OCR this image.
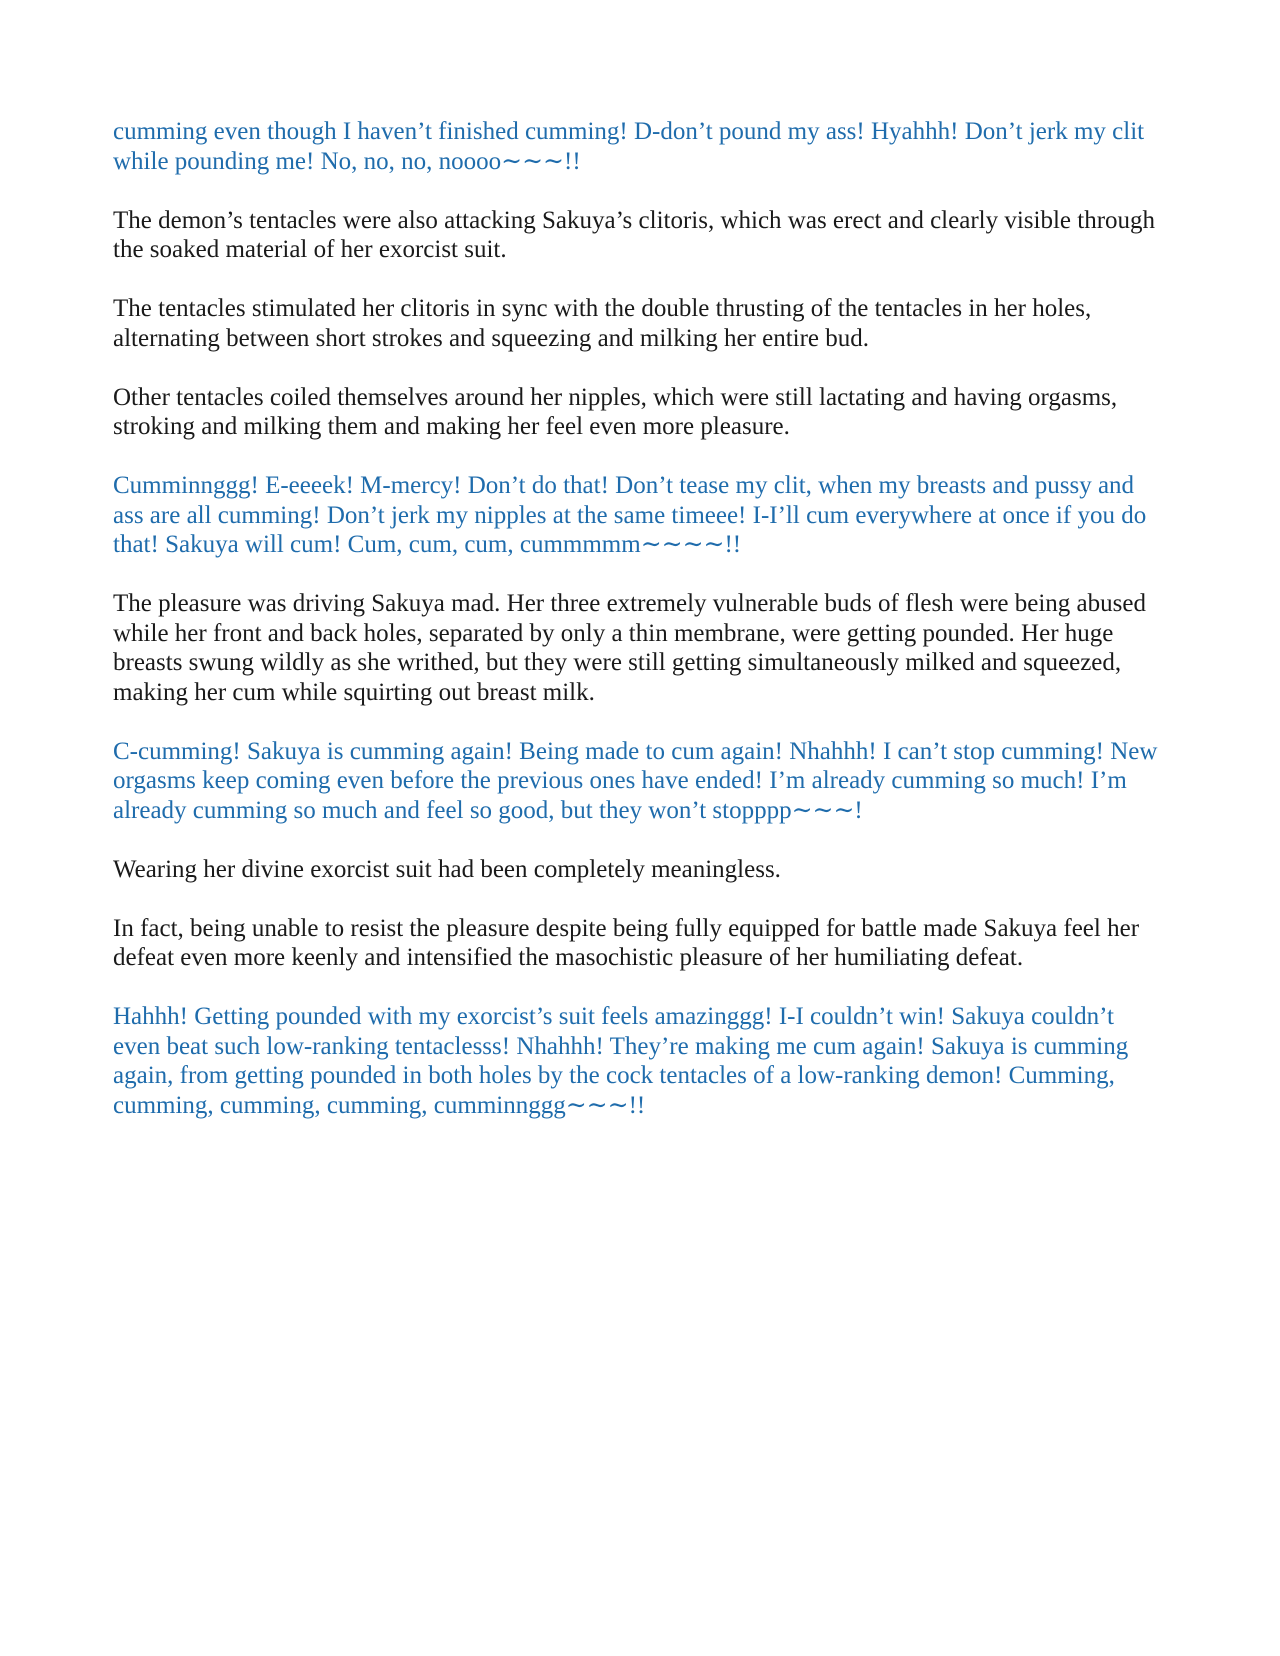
cumming even though I haven’t finished cumming! D-don’t pound my ass! Hyahhh! Don’t jerk my clit while pounding me! No, no, no, noooo∼∼∼!!

The demon’s tentacles were also attacking Sakuya’s clitoris, which was erect and clearly visible through the soaked material of her exorcist suit.

The tentacles stimulated her clitoris in sync with the double thrusting of the tentacles in her holes, alternating between short strokes and squeezing and milking her entire bud.

Other tentacles coiled themselves around her nipples, which were still lactating and having orgasms, stroking and milking them and making her feel even more pleasure.

Cumminnggg! E-eeeek! M-mercy! Don’t do that! Don’t tease my clit, when my breasts and pussy and ass are all cumming! Don’t jerk my nipples at the same timeee! I-I’ll cum everywhere at once if you do that! Sakuya will cum! Cum, cum, cum, cummmmm∼∼∼∼!!

The pleasure was driving Sakuya mad. Her three extremely vulnerable buds of flesh were being abused while her front and back holes, separated by only a thin membrane, were getting pounded. Her huge breasts swung wildly as she writhed, but they were still getting simultaneously milked and squeezed, making her cum while squirting out breast milk.

C-cumming! Sakuya is cumming again! Being made to cum again! Nhahhh! I can’t stop cumming! New orgasms keep coming even before the previous ones have ended! I’m already cumming so much! I’m already cumming so much and feel so good, but they won’t stopppp∼∼∼!

Wearing her divine exorcist suit had been completely meaningless.

In fact, being unable to resist the pleasure despite being fully equipped for battle made Sakuya feel her defeat even more keenly and intensified the masochistic pleasure of her humiliating defeat.

Hahhh! Getting pounded with my exorcist’s suit feels amazinggg! I-I couldn’t win! Sakuya couldn’t even beat such low-ranking tentaclesss! Nhahhh! They’re making me cum again! Sakuya is cumming again, from getting pounded in both holes by the cock tentacles of a low-ranking demon! Cumming, cumming, cumming, cumming, cumminnggg∼∼∼!!
